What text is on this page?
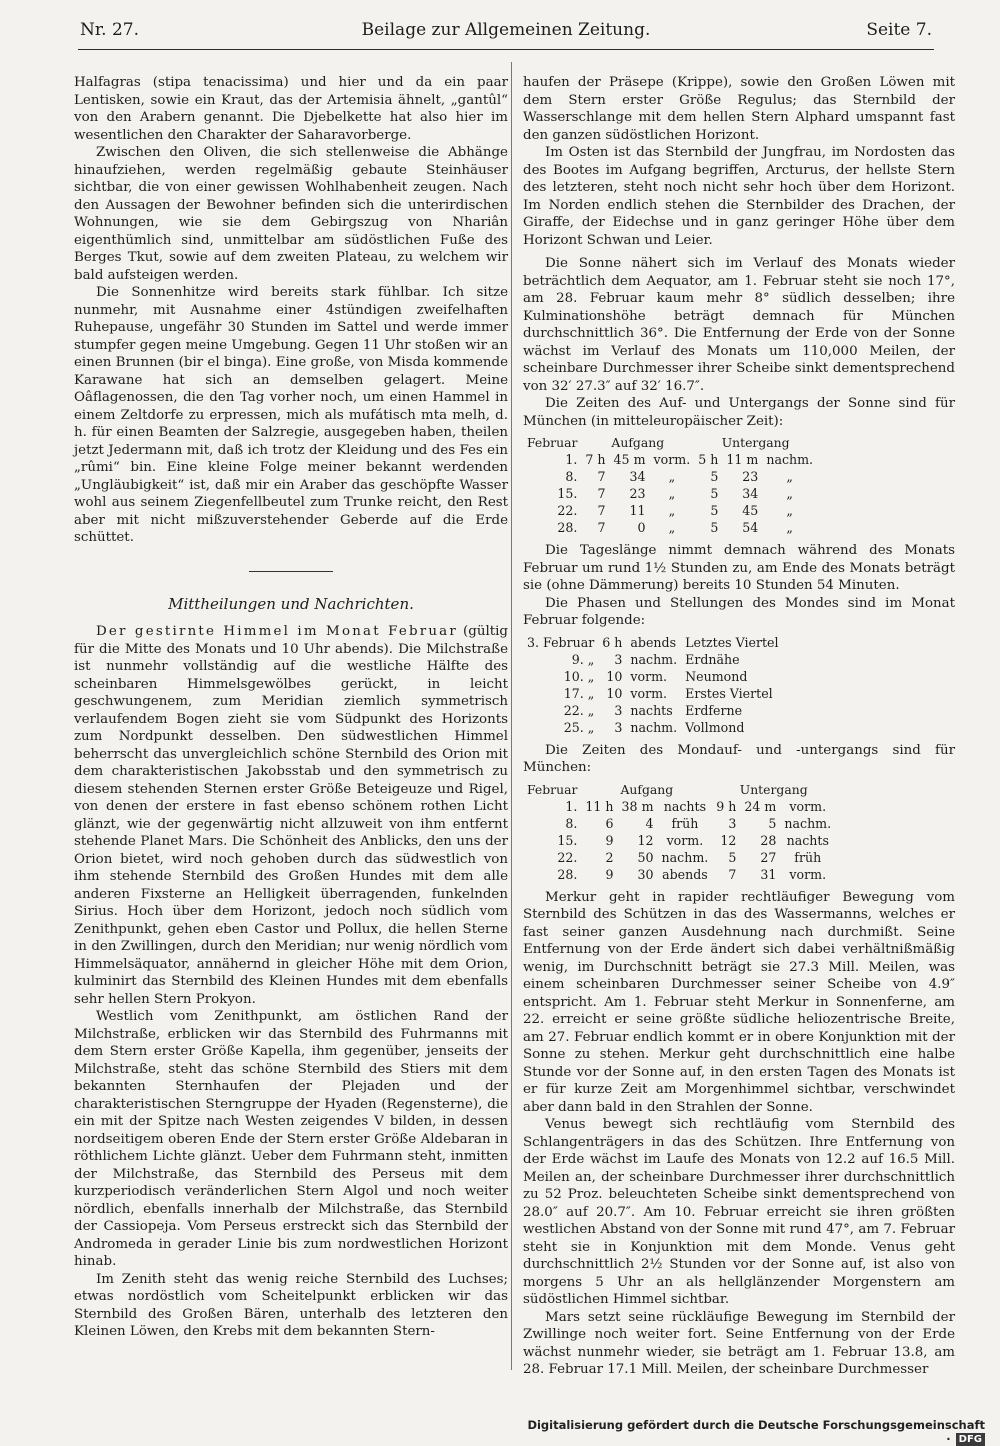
Nr. 27.	Beilage zur Allgemeinen Zeitung.	Seite 7.

Halfagras (stipa tenacissima) und hier und da ein paar Lentisken, sowie ein Kraut, das der Artemisia ähnelt, „gantûl“ von den Arabern genannt. Die Djebelkette hat also hier im wesentlichen den Charakter der Saharavorberge.

Zwischen den Oliven, die sich stellenweise die Abhänge hinaufziehen, werden regelmäßig gebaute Steinhäuser sichtbar, die von einer gewissen Wohlhabenheit zeugen. Nach den Aussagen der Bewohner befinden sich die unterirdischen Wohnungen, wie sie dem Gebirgszug von Nhariân eigenthümlich sind, unmittelbar am südöstlichen Fuße des Berges Tkut, sowie auf dem zweiten Plateau, zu welchem wir bald aufsteigen werden.

Die Sonnenhitze wird bereits stark fühlbar. Ich sitze nunmehr, mit Ausnahme einer 4stündigen zweifelhaften Ruhepause, ungefähr 30 Stunden im Sattel und werde immer stumpfer gegen meine Umgebung. Gegen 11 Uhr stoßen wir an einen Brunnen (bir el binga). Eine große, von Misda kommende Karawane hat sich an demselben gelagert. Meine Oâflagenossen, die den Tag vorher noch, um einen Hammel in einem Zeltdorfe zu erpressen, mich als mufátisch mta melh, d. h. für einen Beamten der Salzregie, ausgegeben haben, theilen jetzt Jedermann mit, daß ich trotz der Kleidung und des Fes ein „rûmi“ bin. Eine kleine Folge meiner bekannt werdenden „Ungläubigkeit“ ist, daß mir ein Araber das geschöpfte Wasser wohl aus seinem Ziegenfellbeutel zum Trunke reicht, den Rest aber mit nicht mißzuverstehender Geberde auf die Erde schüttet.

Mittheilungen und Nachrichten.

Der gestirnte Himmel im Monat Februar (gültig für die Mitte des Monats und 10 Uhr abends). Die Milchstraße ist nunmehr vollständig auf die westliche Hälfte des scheinbaren Himmelsgewölbes gerückt, in leicht geschwungenem, zum Meridian ziemlich symmetrisch verlaufendem Bogen zieht sie vom Südpunkt des Horizonts zum Nordpunkt desselben. Den südwestlichen Himmel beherrscht das unvergleichlich schöne Sternbild des Orion mit dem charakteristischen Jakobsstab und den symmetrisch zu diesem stehenden Sternen erster Größe Beteigeuze und Rigel, von denen der erstere in fast ebenso schönem rothen Licht glänzt, wie der gegenwärtig nicht allzuweit von ihm entfernt stehende Planet Mars. Die Schönheit des Anblicks, den uns der Orion bietet, wird noch gehoben durch das südwestlich von ihm stehende Sternbild des Großen Hundes mit dem alle anderen Fixsterne an Helligkeit überragenden, funkelnden Sirius. Hoch über dem Horizont, jedoch noch südlich vom Zenithpunkt, gehen eben Castor und Pollux, die hellen Sterne in den Zwillingen, durch den Meridian; nur wenig nördlich vom Himmelsäquator, annähernd in gleicher Höhe mit dem Orion, kulminirt das Sternbild des Kleinen Hundes mit dem ebenfalls sehr hellen Stern Prokyon.

Westlich vom Zenithpunkt, am östlichen Rand der Milchstraße, erblicken wir das Sternbild des Fuhrmanns mit dem Stern erster Größe Kapella, ihm gegenüber, jenseits der Milchstraße, steht das schöne Sternbild des Stiers mit dem bekannten Sternhaufen der Plejaden und der charakteristischen Sterngruppe der Hyaden (Regensterne), die ein mit der Spitze nach Westen zeigendes V bilden, in dessen nordseitigem oberen Ende der Stern erster Größe Aldebaran in röthlichem Lichte glänzt. Ueber dem Fuhrmann steht, inmitten der Milchstraße, das Sternbild des Perseus mit dem kurzperiodisch veränderlichen Stern Algol und noch weiter nördlich, ebenfalls innerhalb der Milchstraße, das Sternbild der Cassiopeja. Vom Perseus erstreckt sich das Sternbild der Andromeda in gerader Linie bis zum nordwestlichen Horizont hinab.

Im Zenith steht das wenig reiche Sternbild des Luchses; etwas nordöstlich vom Scheitelpunkt erblicken wir das Sternbild des Großen Bären, unterhalb des letzteren den Kleinen Löwen, den Krebs mit dem bekannten Stern-

haufen der Präsepe (Krippe), sowie den Großen Löwen mit dem Stern erster Größe Regulus; das Sternbild der Wasserschlange mit dem hellen Stern Alphard umspannt fast den ganzen südöstlichen Horizont.

Im Osten ist das Sternbild der Jungfrau, im Nordosten das des Bootes im Aufgang begriffen, Arcturus, der hellste Stern des letzteren, steht noch nicht sehr hoch über dem Horizont. Im Norden endlich stehen die Sternbilder des Drachen, der Giraffe, der Eidechse und in ganz geringer Höhe über dem Horizont Schwan und Leier.

Die Sonne nähert sich im Verlauf des Monats wieder beträchtlich dem Aequator, am 1. Februar steht sie noch 17°, am 28. Februar kaum mehr 8° südlich desselben; ihre Kulminationshöhe beträgt demnach für München durchschnittlich 36°. Die Entfernung der Erde von der Sonne wächst im Verlauf des Monats um 110,000 Meilen, der scheinbare Durchmesser ihrer Scheibe sinkt dementsprechend von 32′ 27.3″ auf 32′ 16.7″.

Die Zeiten des Auf- und Untergangs der Sonne sind für München (in mitteleuropäischer Zeit):

Februar	Aufgang			Untergang		
1.	7 h	45 m	vorm.	5 h	11 m	nachm.
8.	7	34	„	5	23	„
15.	7	23	„	5	34	„
22.	7	11	„	5	45	„
28.	7	0	„	5	54	„

Die Tageslänge nimmt demnach während des Monats Februar um rund 1½ Stunden zu, am Ende des Monats beträgt sie (ohne Dämmerung) bereits 10 Stunden 54 Minuten.

Die Phasen und Stellungen des Mondes sind im Monat Februar folgende:

3. Februar	6 h	abends	Letztes Viertel
9. „	3	nachm.	Erdnähe
10. „	10	vorm.	Neumond
17. „	10	vorm.	Erstes Viertel
22. „	3	nachts	Erdferne
25. „	3	nachm.	Vollmond

Die Zeiten des Mondauf- und -untergangs sind für München:

Februar	Aufgang			Untergang		
1.	11 h	38 m	nachts	9 h	24 m	vorm.
8.	6	4	früh	3	5	nachm.
15.	9	12	vorm.	12	28	nachts
22.	2	50	nachm.	5	27	früh
28.	9	30	abends	7	31	vorm.

Merkur geht in rapider rechtläufiger Bewegung vom Sternbild des Schützen in das des Wassermanns, welches er fast seiner ganzen Ausdehnung nach durchmißt. Seine Entfernung von der Erde ändert sich dabei verhältnißmäßig wenig, im Durchschnitt beträgt sie 27.3 Mill. Meilen, was einem scheinbaren Durchmesser seiner Scheibe von 4.9″ entspricht. Am 1. Februar steht Merkur in Sonnenferne, am 22. erreicht er seine größte südliche heliozentrische Breite, am 27. Februar endlich kommt er in obere Konjunktion mit der Sonne zu stehen. Merkur geht durchschnittlich eine halbe Stunde vor der Sonne auf, in den ersten Tagen des Monats ist er für kurze Zeit am Morgenhimmel sichtbar, verschwindet aber dann bald in den Strahlen der Sonne.

Venus bewegt sich rechtläufig vom Sternbild des Schlangenträgers in das des Schützen. Ihre Entfernung von der Erde wächst im Laufe des Monats von 12.2 auf 16.5 Mill. Meilen an, der scheinbare Durchmesser ihrer durchschnittlich zu 52 Proz. beleuchteten Scheibe sinkt dementsprechend von 28.0″ auf 20.7″. Am 10. Februar erreicht sie ihren größten westlichen Abstand von der Sonne mit rund 47°, am 7. Februar steht sie in Konjunktion mit dem Monde. Venus geht durchschnittlich 2½ Stunden vor der Sonne auf, ist also von morgens 5 Uhr an als hellglänzender Morgenstern am südöstlichen Himmel sichtbar.

Mars setzt seine rückläufige Bewegung im Sternbild der Zwillinge noch weiter fort. Seine Entfernung von der Erde wächst nunmehr wieder, sie beträgt am 1. Februar 13.8, am 28. Februar 17.1 Mill. Meilen, der scheinbare Durchmesser

Digitalisierung gefördert durch die Deutsche Forschungsgemeinschaft · DFG
